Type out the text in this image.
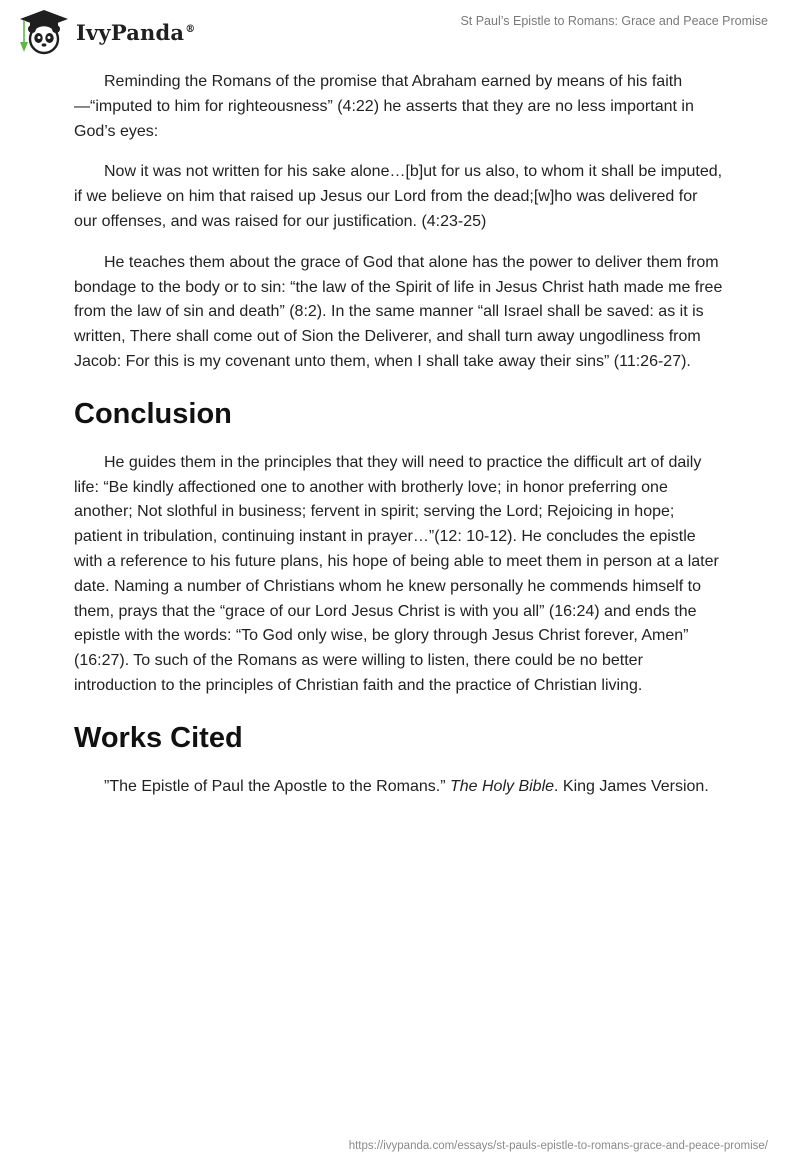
IvyPanda®
St Paul’s Epistle to Romans: Grace and Peace Promise

Reminding the Romans of the promise that Abraham earned by means of his faith —“imputed to him for righteousness” (4:22) he asserts that they are no less important in God’s eyes:

Now it was not written for his sake alone…[b]ut for us also, to whom it shall be imputed, if we believe on him that raised up Jesus our Lord from the dead;[w]ho was delivered for our offenses, and was raised for our justification. (4:23-25)

He teaches them about the grace of God that alone has the power to deliver them from bondage to the body or to sin: “the law of the Spirit of life in Jesus Christ hath made me free from the law of sin and death” (8:2). In the same manner “all Israel shall be saved: as it is written, There shall come out of Sion the Deliverer, and shall turn away ungodliness from Jacob: For this is my covenant unto them, when I shall take away their sins” (11:26-27).

Conclusion

He guides them in the principles that they will need to practice the difficult art of daily life: “Be kindly affectioned one to another with brotherly love; in honor preferring one another; Not slothful in business; fervent in spirit; serving the Lord; Rejoicing in hope; patient in tribulation, continuing instant in prayer…”(12: 10-12). He concludes the epistle with a reference to his future plans, his hope of being able to meet them in person at a later date. Naming a number of Christians whom he knew personally he commends himself to them, prays that the “grace of our Lord Jesus Christ is with you all” (16:24) and ends the epistle with the words: “To God only wise, be glory through Jesus Christ forever, Amen” (16:27). To such of the Romans as were willing to listen, there could be no better introduction to the principles of Christian faith and the practice of Christian living.

Works Cited

”The Epistle of Paul the Apostle to the Romans.” The Holy Bible. King James Version.

https://ivypanda.com/essays/st-pauls-epistle-to-romans-grace-and-peace-promise/
